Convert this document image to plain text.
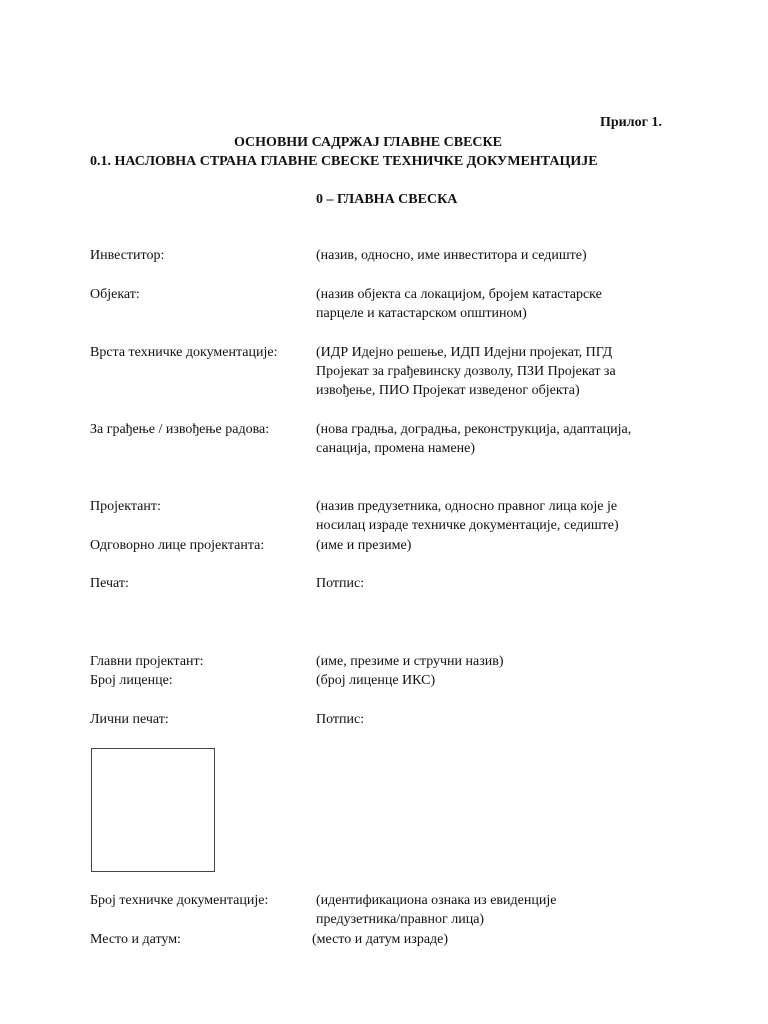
Прилог 1.
ОСНОВНИ САДРЖАЈ ГЛАВНЕ СВЕСКЕ
0.1. НАСЛОВНА СТРАНА ГЛАВНЕ СВЕСКЕ ТЕХНИЧКЕ ДОКУМЕНТАЦИЈЕ
0 – ГЛАВНА СВЕСКА
Инвеститор:	(назив, односно, име инвеститора и седиште)
Објекат:	(назив објекта са локацијом, бројем катастарске
парцеле и катастарском општином)
Врста техничке документације:	(ИДР Идејно решење, ИДП Идејни пројекат, ПГД
Пројекат за грађевинску дозволу, ПЗИ Пројекат за
извођење, ПИО Пројекат изведеног објекта)
За грађење / извођење радова:	(нова градња, доградња, реконструкција, адаптација,
санација, промена намене)
Пројектант:	(назив предузетника, односно правног лица које је
носилац израде техничке документације, седиште)
Одговорно лице пројектанта:	(име и презиме)
Печат:	Потпис:
Главни пројектант:	(име, презиме и стручни назив)
Број лиценце:	(број лиценце ИКС)
Лични печат:	Потпис:
Број техничке документације:	(идентификациона ознака из евиденције
предузетника/правног лица)
Место и датум:	(место и датум израде)
